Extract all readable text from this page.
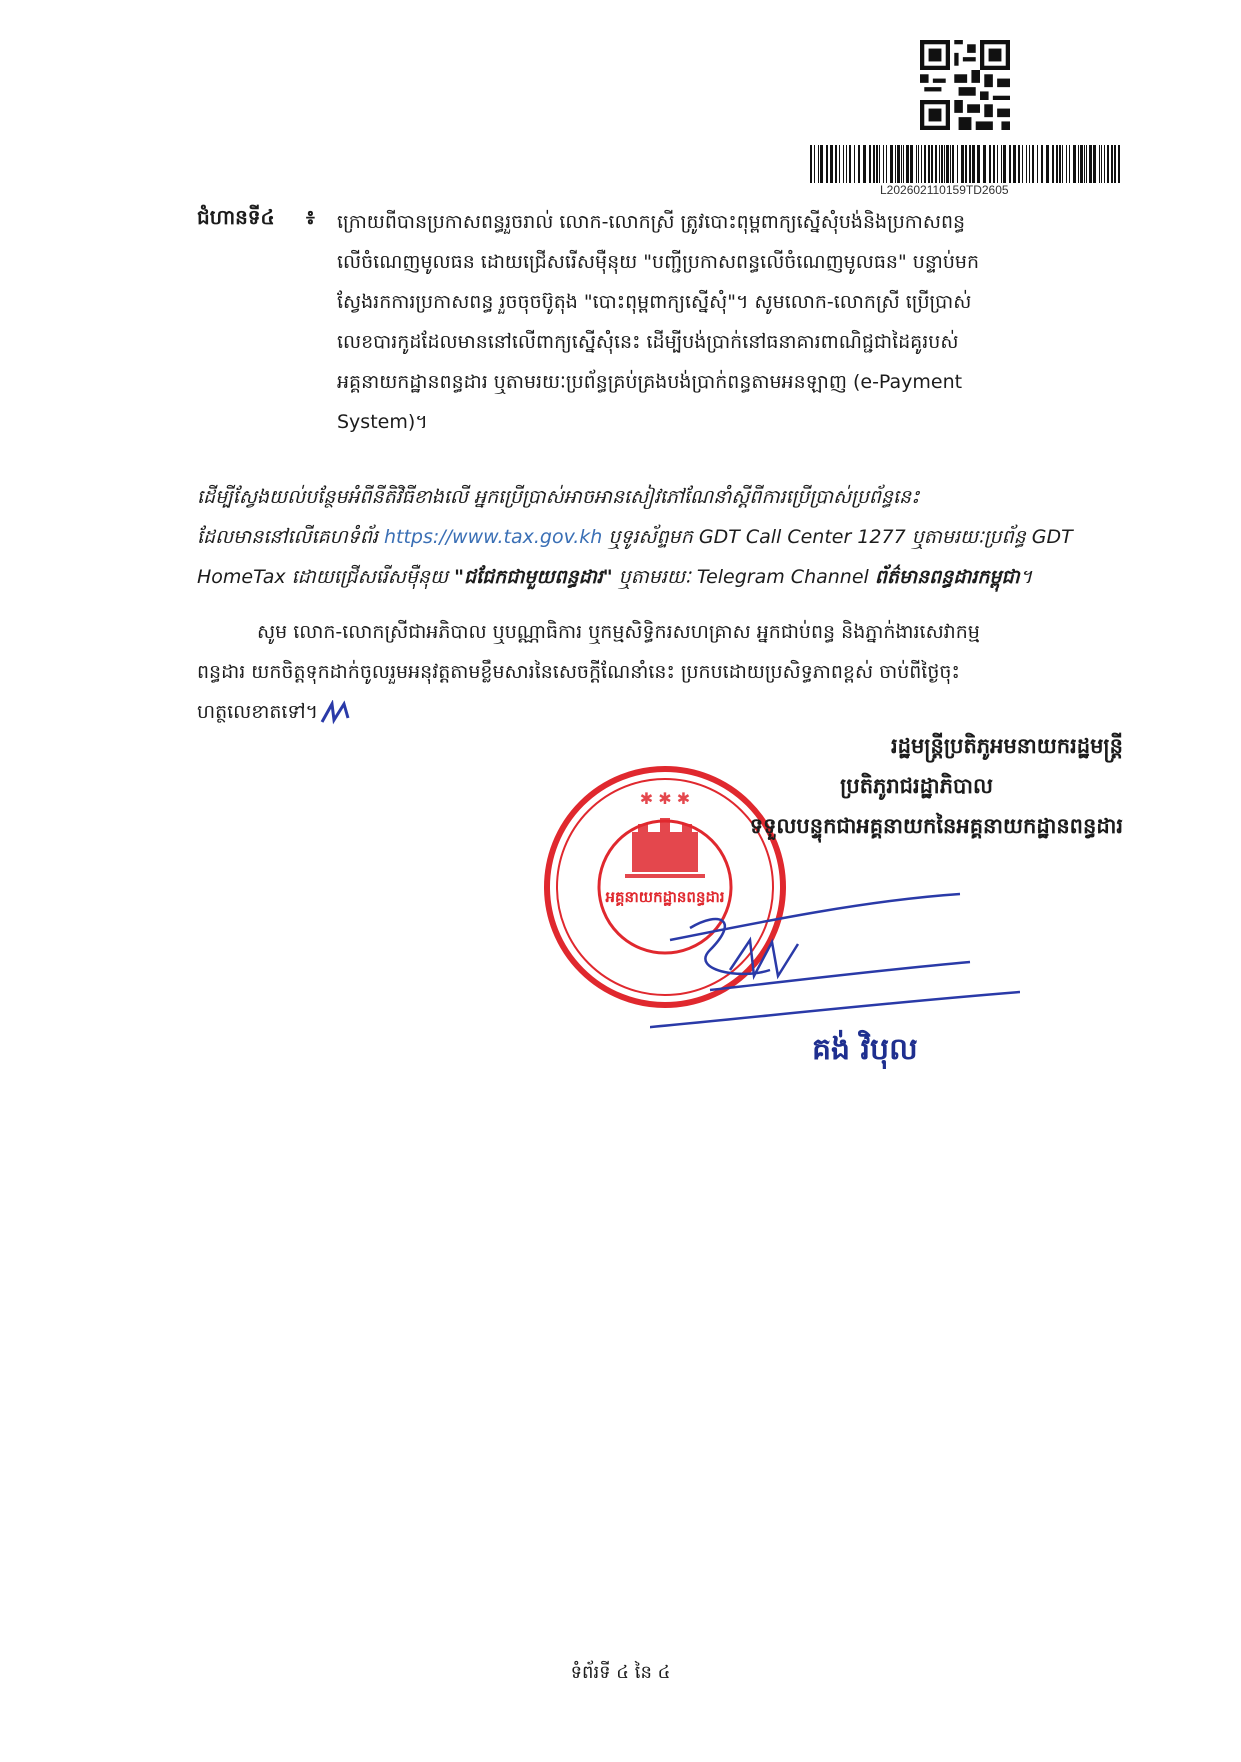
L202602110159TD2605
ជំហានទី៤ ៖ ក្រោយពីបានប្រកាសពន្ធរួចរាល់ លោក-លោកស្រី ត្រូវបោះពុម្ពពាក្យស្នើសុំបង់និងប្រកាសពន្ធ

លើចំណេញមូលធន ដោយជ្រើសរើសម៉ឺនុយ "បញ្ជីប្រកាសពន្ធលើចំណេញមូលធន" បន្ទាប់មក

ស្វែងរកការប្រកាសពន្ធ រួចចុចប៊ូតុង "បោះពុម្ពពាក្យស្នើសុំ"។ សូមលោក-លោកស្រី ប្រើប្រាស់

លេខបារកូដដែលមាននៅលើពាក្យស្នើសុំនេះ ដើម្បីបង់ប្រាក់នៅធនាគារពាណិជ្ជជាដៃគូរបស់

អគ្គនាយកដ្ឋានពន្ធដារ ឬតាមរយៈប្រព័ន្ធគ្រប់គ្រងបង់ប្រាក់ពន្ធតាមអនឡាញ (e-Payment

System)។

ដើម្បីស្វែងយល់បន្ថែមអំពីនីតិវិធីខាងលើ អ្នកប្រើប្រាស់អាចអានសៀវភៅណែនាំស្តីពីការប្រើប្រាស់ប្រព័ន្ធនេះ

ដែលមាននៅលើគេហទំព័រ https://www.tax.gov.kh ឬទូរស័ព្ទមក GDT Call Center 1277 ឬតាមរយៈប្រព័ន្ធ GDT

HomeTax ដោយជ្រើសរើសម៉ឺនុយ "ជជែកជាមួយពន្ធដារ" ឬតាមរយៈ Telegram Channel ព័ត៌មានពន្ធដារកម្ពុជា។

សូម លោក-លោកស្រីជាអភិបាល ឬបណ្ណាធិការ ឬកម្មសិទ្ធិករសហគ្រាស អ្នកជាប់ពន្ធ និងភ្នាក់ងារសេវាកម្ម

ពន្ធដារ យកចិត្តទុកដាក់ចូលរួមអនុវត្តតាមខ្លឹមសារនៃសេចក្តីណែនាំនេះ ប្រកបដោយប្រសិទ្ធភាពខ្ពស់ ចាប់ពីថ្ងៃចុះ

ហត្ថលេខាតទៅ។

✱ ✱ ✱
អគ្គនាយកដ្ឋានពន្ធដារ

រដ្ឋមន្ត្រីប្រតិភូអមនាយករដ្ឋមន្ត្រី

ប្រតិភូរាជរដ្ឋាភិបាល

ទទួលបន្ទុកជាអគ្គនាយកនៃអគ្គនាយកដ្ឋានពន្ធដារ

គង់ វិបុល
ទំព័រទី ៤ នៃ ៤
